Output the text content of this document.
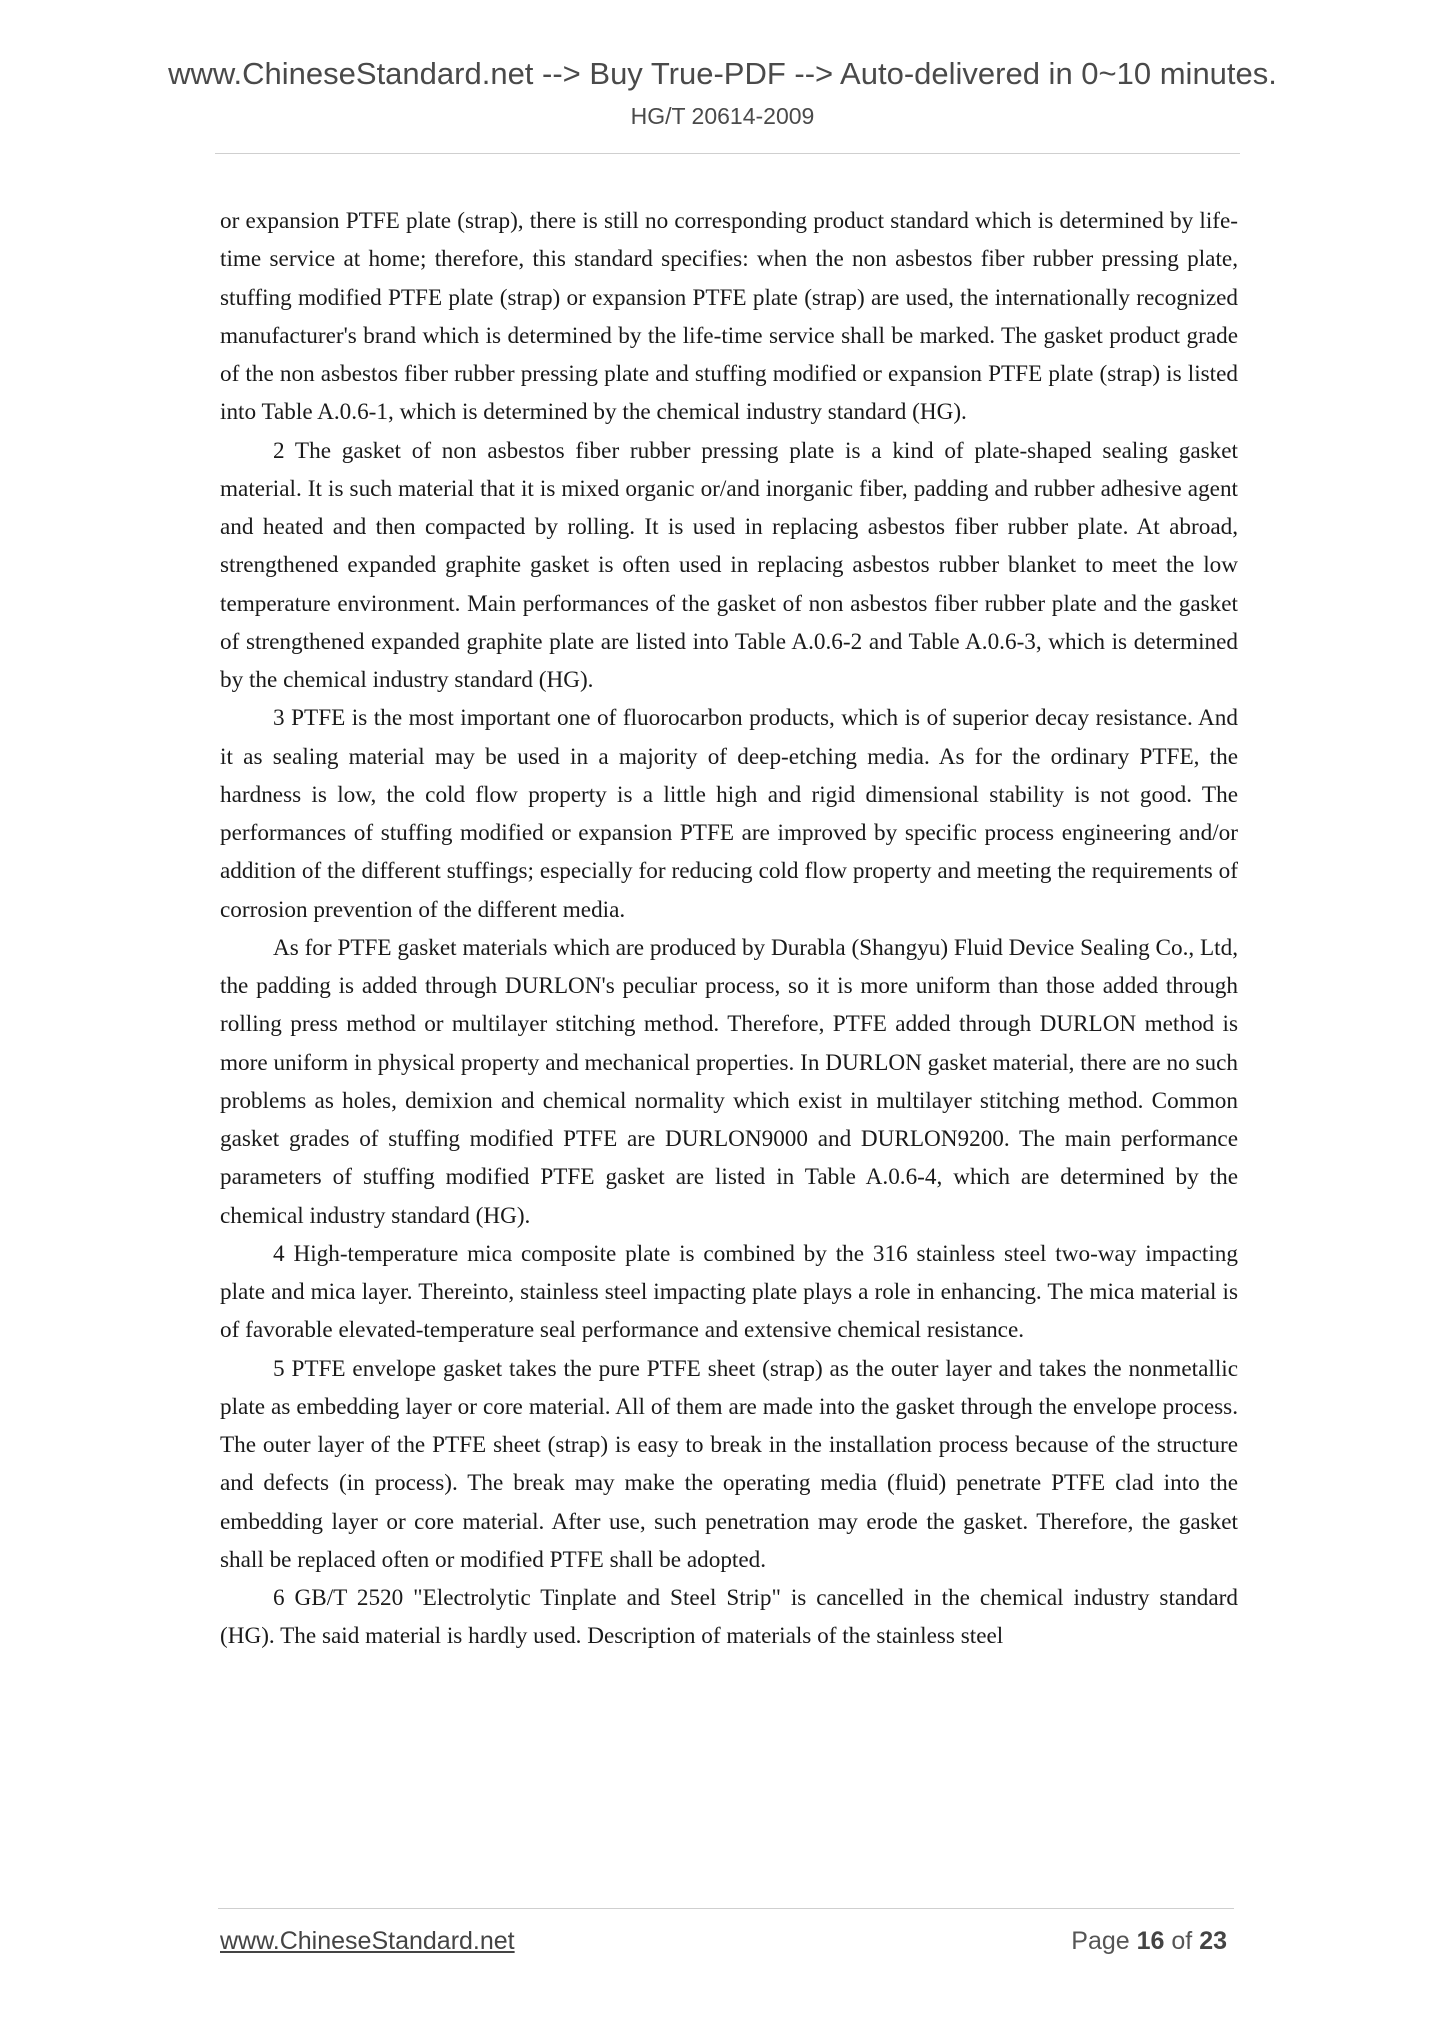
www.ChineseStandard.net --> Buy True-PDF --> Auto-delivered in 0~10 minutes.
HG/T 20614-2009

or expansion PTFE plate (strap), there is still no corresponding product standard which is determined by life-time service at home; therefore, this standard specifies: when the non asbestos fiber rubber pressing plate, stuffing modified PTFE plate (strap) or expansion PTFE plate (strap) are used, the internationally recognized manufacturer's brand which is determined by the life-time service shall be marked. The gasket product grade of the non asbestos fiber rubber pressing plate and stuffing modified or expansion PTFE plate (strap) is listed into Table A.0.6-1, which is determined by the chemical industry standard (HG).

2 The gasket of non asbestos fiber rubber pressing plate is a kind of plate-shaped sealing gasket material. It is such material that it is mixed organic or/and inorganic fiber, padding and rubber adhesive agent and heated and then compacted by rolling. It is used in replacing asbestos fiber rubber plate. At abroad, strengthened expanded graphite gasket is often used in replacing asbestos rubber blanket to meet the low temperature environment. Main performances of the gasket of non asbestos fiber rubber plate and the gasket of strengthened expanded graphite plate are listed into Table A.0.6-2 and Table A.0.6-3, which is determined by the chemical industry standard (HG).

3 PTFE is the most important one of fluorocarbon products, which is of superior decay resistance. And it as sealing material may be used in a majority of deep-etching media. As for the ordinary PTFE, the hardness is low, the cold flow property is a little high and rigid dimensional stability is not good. The performances of stuffing modified or expansion PTFE are improved by specific process engineering and/or addition of the different stuffings; especially for reducing cold flow property and meeting the requirements of corrosion prevention of the different media.

As for PTFE gasket materials which are produced by Durabla (Shangyu) Fluid Device Sealing Co., Ltd, the padding is added through DURLON's peculiar process, so it is more uniform than those added through rolling press method or multilayer stitching method. Therefore, PTFE added through DURLON method is more uniform in physical property and mechanical properties. In DURLON gasket material, there are no such problems as holes, demixion and chemical normality which exist in multilayer stitching method. Common gasket grades of stuffing modified PTFE are DURLON9000 and DURLON9200. The main performance parameters of stuffing modified PTFE gasket are listed in Table A.0.6-4, which are determined by the chemical industry standard (HG).

4 High-temperature mica composite plate is combined by the 316 stainless steel two-way impacting plate and mica layer. Thereinto, stainless steel impacting plate plays a role in enhancing. The mica material is of favorable elevated-temperature seal performance and extensive chemical resistance.

5 PTFE envelope gasket takes the pure PTFE sheet (strap) as the outer layer and takes the nonmetallic plate as embedding layer or core material. All of them are made into the gasket through the envelope process. The outer layer of the PTFE sheet (strap) is easy to break in the installation process because of the structure and defects (in process). The break may make the operating media (fluid) penetrate PTFE clad into the embedding layer or core material. After use, such penetration may erode the gasket. Therefore, the gasket shall be replaced often or modified PTFE shall be adopted.

6 GB/T 2520 "Electrolytic Tinplate and Steel Strip" is cancelled in the chemical industry standard (HG). The said material is hardly used. Description of materials of the stainless steel

www.ChineseStandard.net	Page 16 of 23
